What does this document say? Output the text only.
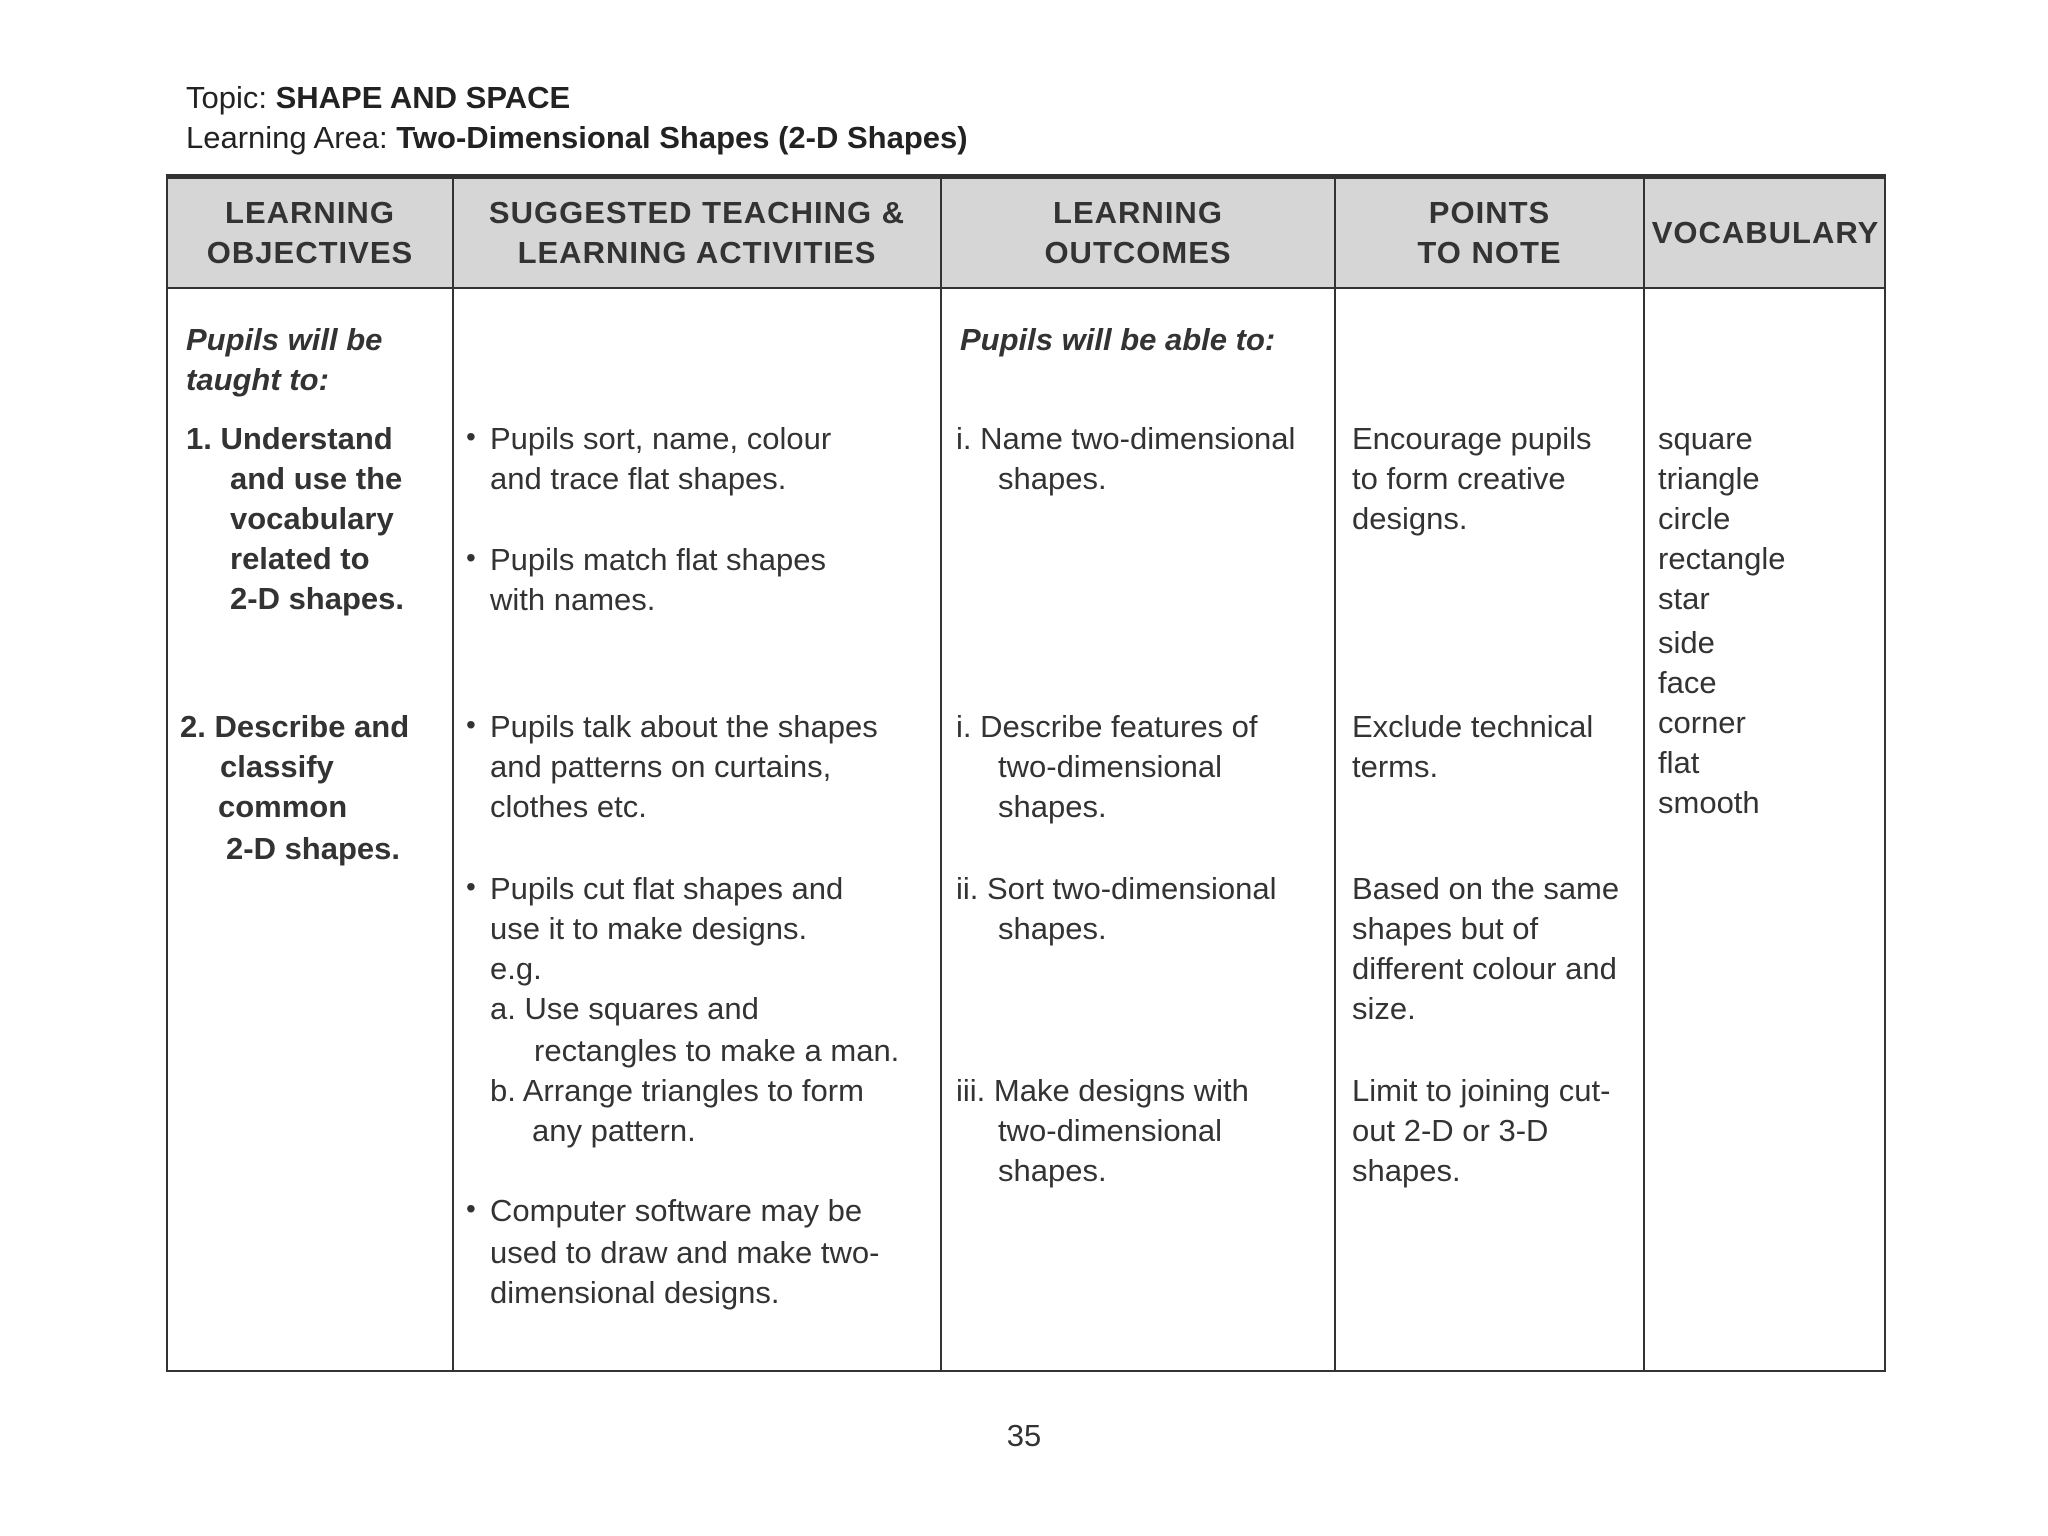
Topic: SHAPE AND SPACE
Learning Area: Two-Dimensional Shapes (2-D Shapes)
LEARNING
OBJECTIVES
SUGGESTED TEACHING &
LEARNING ACTIVITIES
LEARNING
OUTCOMES
POINTS
TO NOTE
VOCABULARY
Pupils will be
taught to:
1. Understand
and use the
vocabulary
related to
2-D shapes.
2. Describe and
classify
common
2-D shapes.
• Pupils sort, name, colour
and trace flat shapes.
• Pupils match flat shapes
with names.
• Pupils talk about the shapes
and patterns on curtains,
clothes etc.
• Pupils cut flat shapes and
use it to make designs.
e.g.
a. Use squares and
rectangles to make a man.
b. Arrange triangles to form
any pattern.
• Computer software may be
used to draw and make two-
dimensional designs.
Pupils will be able to:
i. Name two-dimensional
shapes.
i. Describe features of
two-dimensional
shapes.
ii. Sort two-dimensional
shapes.
iii. Make designs with
two-dimensional
shapes.
Encourage pupils
to form creative
designs.
Exclude technical
terms.
Based on the same
shapes but of
different colour and
size.
Limit to joining cut-
out 2-D or 3-D
shapes.
square
triangle
circle
rectangle
star
side
face
corner
flat
smooth
35
